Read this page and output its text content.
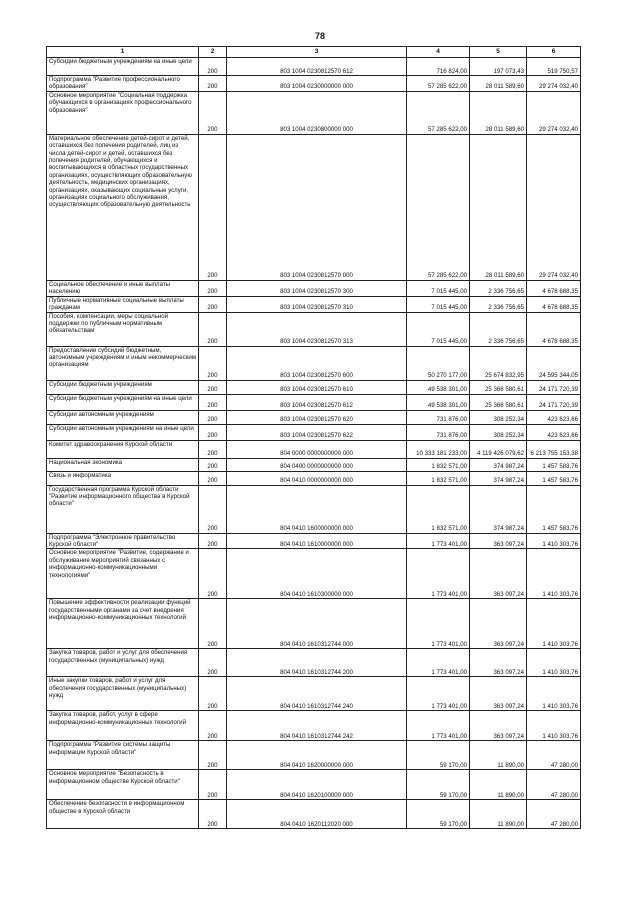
78
1	2	3	4	5	6
Субсидии бюджетным учреждениям на иные цели	200	803 1004 0230812570 612	716 824,00	197 073,43	519 750,57
Подпрограмма "Развитие профессионального образования"	200	803 1004 0230000000 000	57 285 622,00	28 011 589,60	29 274 032,40
Основное мероприятие "Социальная поддержка обучающихся в организациях профессионального образования"	200	803 1004 0230800000 000	57 285 622,00	28 011 589,60	29 274 032,40
Материальное обеспечение детей-сирот и детей, оставшихся без попечения родителей, лиц из числа детей-сирот и детей, оставшихся без попечения родителей, обучающихся и воспитывающихся в областных государственных организациях, осуществляющих образовательную деятельность, медицинских организациях, организациях, оказывающих социальные услуги, организациях социального обслуживания, осуществляющих образовательную деятельность	200	803 1004 0230812570 000	57 285 622,00	28 011 589,60	29 274 032,40
Социальное обеспечение и иные выплаты населению	200	803 1004 0230812570 300	7 015 445,00	2 336 756,65	4 678 688,35
Публичные нормативные социальные выплаты гражданам	200	803 1004 0230812570 310	7 015 445,00	2 336 756,65	4 678 688,35
Пособия, компенсации, меры социальной поддержки по публичным нормативным обязательствам	200	803 1004 0230812570 313	7 015 445,00	2 336 756,65	4 678 688,35
Предоставление субсидий бюджетным, автономным учреждениям и иным некоммерческим организациям	200	803 1004 0230812570 600	50 270 177,00	25 674 832,95	24 595 344,05
Субсидии бюджетным учреждениям	200	803 1004 0230812570 610	49 538 301,00	25 366 580,61	24 171 720,39
Субсидии бюджетным учреждениям на иные цели	200	803 1004 0230812570 612	49 538 301,00	25 366 580,61	24 171 720,39
Субсидии автономным учреждениям	200	803 1004 0230812570 620	731 876,00	308 252,34	423 623,66
Субсидии автономным учреждениям на иные цели	200	803 1004 0230812570 622	731 876,00	308 252,34	423 623,66
Комитет здравоохранения Курской области	200	804 0000 0000000000 000	10 333 181 233,00	4 119 426 079,62	6 213 755 153,38
Национальная экономика	200	804 0400 0000000000 000	1 832 571,00	374 987,24	1 457 583,76
Связь и информатика	200	804 0410 0000000000 000	1 832 571,00	374 987,24	1 457 583,76
Государственная программа Курской области "Развитие информационного общества в Курской области"	200	804 0410 1600000000 000	1 832 571,00	374 987,24	1 457 583,76
Подпрограмма "Электронное правительство Курской области"	200	804 0410 1610000000 000	1 773 401,00	363 097,24	1 410 303,76
Основное мероприятие "Развитие, содержание и обслуживание мероприятий связанных с информационно-коммуникационными технологиями"	200	804 0410 1610300000 000	1 773 401,00	363 097,24	1 410 303,76
Повышение эффективности реализации функций государственными органами за счет внедрения информационно-коммуникационных технологий	200	804 0410 1610312744 000	1 773 401,00	363 097,24	1 410 303,76
Закупка товаров, работ и услуг для обеспечения государственных (муниципальных) нужд	200	804 0410 1610312744 200	1 773 401,00	363 097,24	1 410 303,76
Иные закупки товаров, работ и услуг для обеспечения государственных (муниципальных) нужд	200	804 0410 1610312744 240	1 773 401,00	363 097,24	1 410 303,76
Закупка товаров, работ, услуг в сфере информационно-коммуникационных технологий	200	804 0410 1610312744 242	1 773 401,00	363 097,24	1 410 303,76
Подпрограмма "Развитие системы защиты информации Курской области"	200	804 0410 1620000000 000	59 170,00	11 890,00	47 280,00
Основное мероприятие "Безопасность в информационном обществе Курской области"	200	804 0410 1620100000 000	59 170,00	11 890,00	47 280,00
Обеспечение безопасности в информационном обществе в Курской области	200	804 0410 1620112020 000	59 170,00	11 890,00	47 280,00
